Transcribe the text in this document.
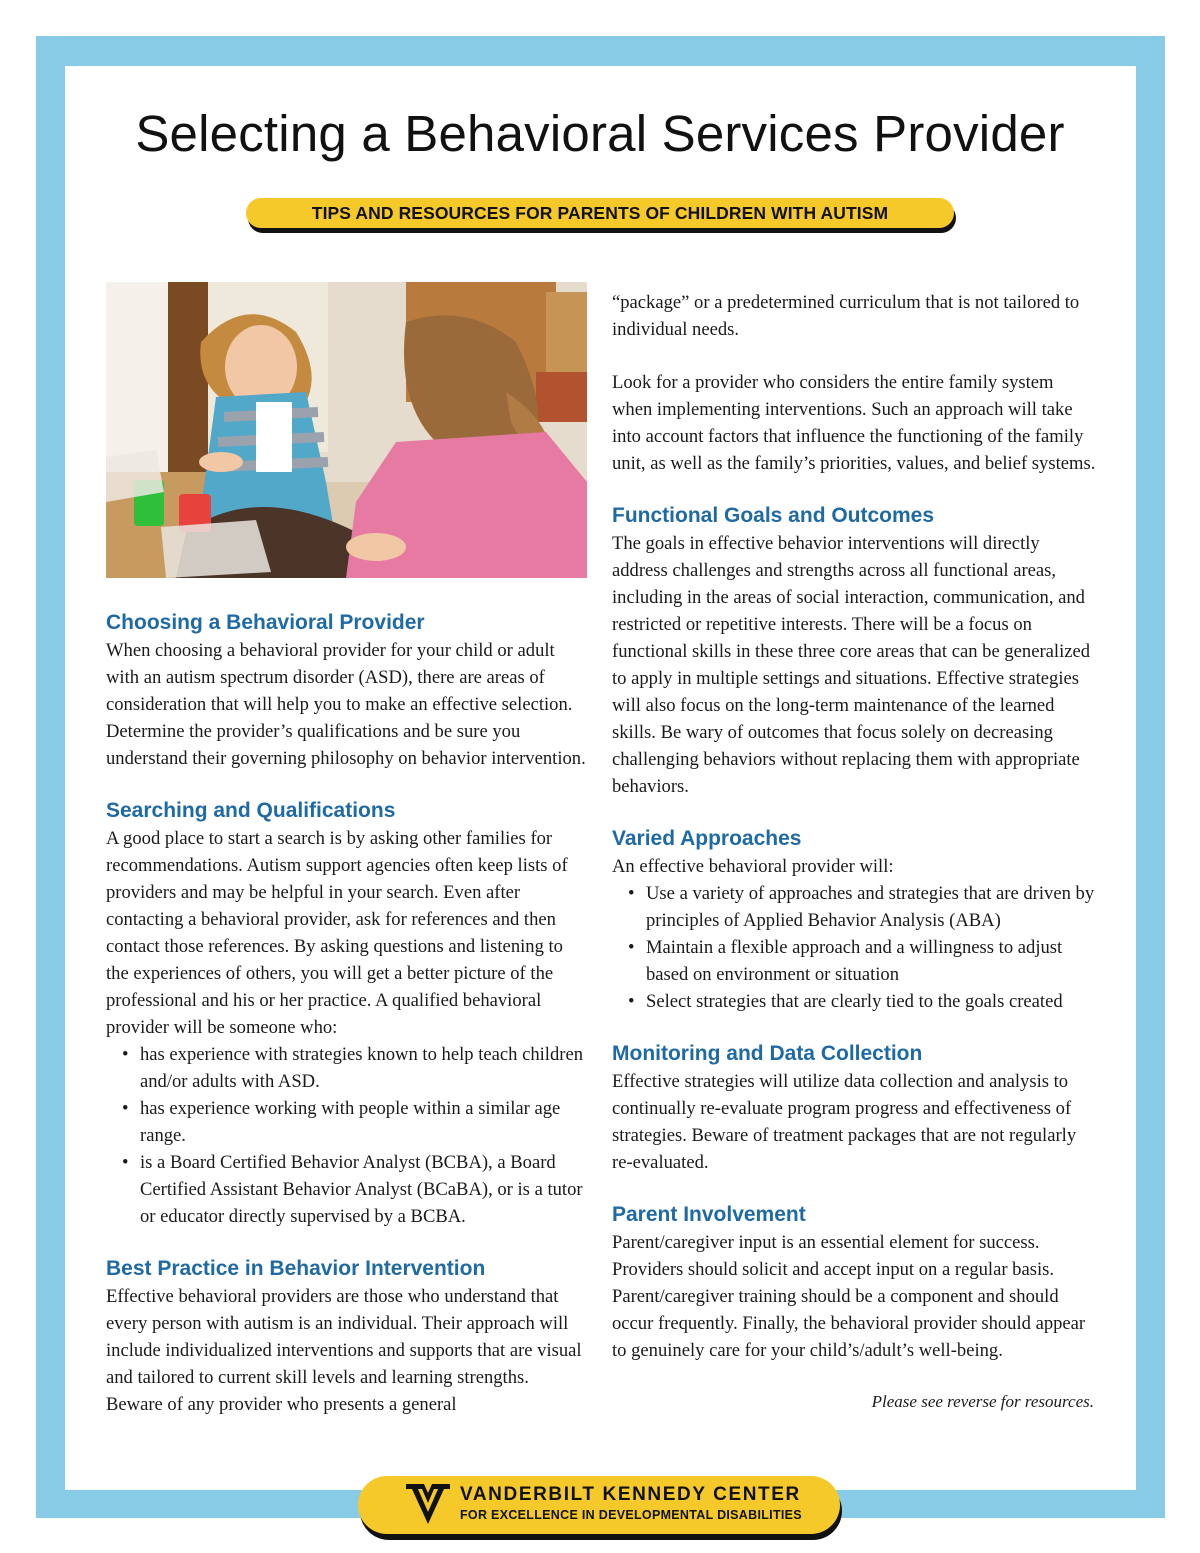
Selecting a Behavioral Services Provider
TIPS AND RESOURCES FOR PARENTS OF CHILDREN WITH AUTISM
Choosing a Behavioral Provider

When choosing a behavioral provider for your child or adult with an autism spectrum disorder (ASD), there are areas of consideration that will help you to make an effective selection. Determine the provider’s qualifications and be sure you understand their governing philosophy on behavior intervention.

Searching and Qualifications

A good place to start a search is by asking other families for recommendations. Autism support agencies often keep lists of providers and may be helpful in your search. Even after contacting a behavioral provider, ask for references and then contact those references. By asking questions and listening to the experiences of others, you will get a better picture of the professional and his or her practice. A qualified behavioral provider will be someone who:

• has experience with strategies known to help teach children and/or adults with ASD.
• has experience working with people within a similar age range.
• is a Board Certified Behavior Analyst (BCBA), a Board Certified Assistant Behavior Analyst (BCaBA), or is a tutor or educator directly supervised by a BCBA.
Best Practice in Behavior Intervention

Effective behavioral providers are those who understand that every person with autism is an individual. Their approach will include individualized interventions and supports that are visual and tailored to current skill levels and learning strengths. Beware of any provider who presents a general

“package” or a predetermined curriculum that is not tailored to individual needs.

Look for a provider who considers the entire family system when implementing interventions. Such an approach will take into account factors that influence the functioning of the family unit, as well as the family’s priorities, values, and belief systems.

Functional Goals and Outcomes

The goals in effective behavior interventions will directly address challenges and strengths across all functional areas, including in the areas of social interaction, communication, and restricted or repetitive interests. There will be a focus on functional skills in these three core areas that can be generalized to apply in multiple settings and situations. Effective strategies will also focus on the long-term maintenance of the learned skills. Be wary of outcomes that focus solely on decreasing challenging behaviors without replacing them with appropriate behaviors.

Varied Approaches

An effective behavioral provider will:

• Use a variety of approaches and strategies that are driven by principles of Applied Behavior Analysis (ABA)
• Maintain a flexible approach and a willingness to adjust based on environment or situation
• Select strategies that are clearly tied to the goals created
Monitoring and Data Collection

Effective strategies will utilize data collection and analysis to continually re-evaluate program progress and effectiveness of strategies. Beware of treatment packages that are not regularly re-evaluated.

Parent Involvement

Parent/caregiver input is an essential element for success. Providers should solicit and accept input on a regular basis. Parent/caregiver training should be a component and should occur frequently. Finally, the behavioral provider should appear to genuinely care for your child’s/adult’s well-being.

Please see reverse for resources.
VANDERBILT KENNEDY CENTER
FOR EXCELLENCE IN DEVELOPMENTAL DISABILITIES
